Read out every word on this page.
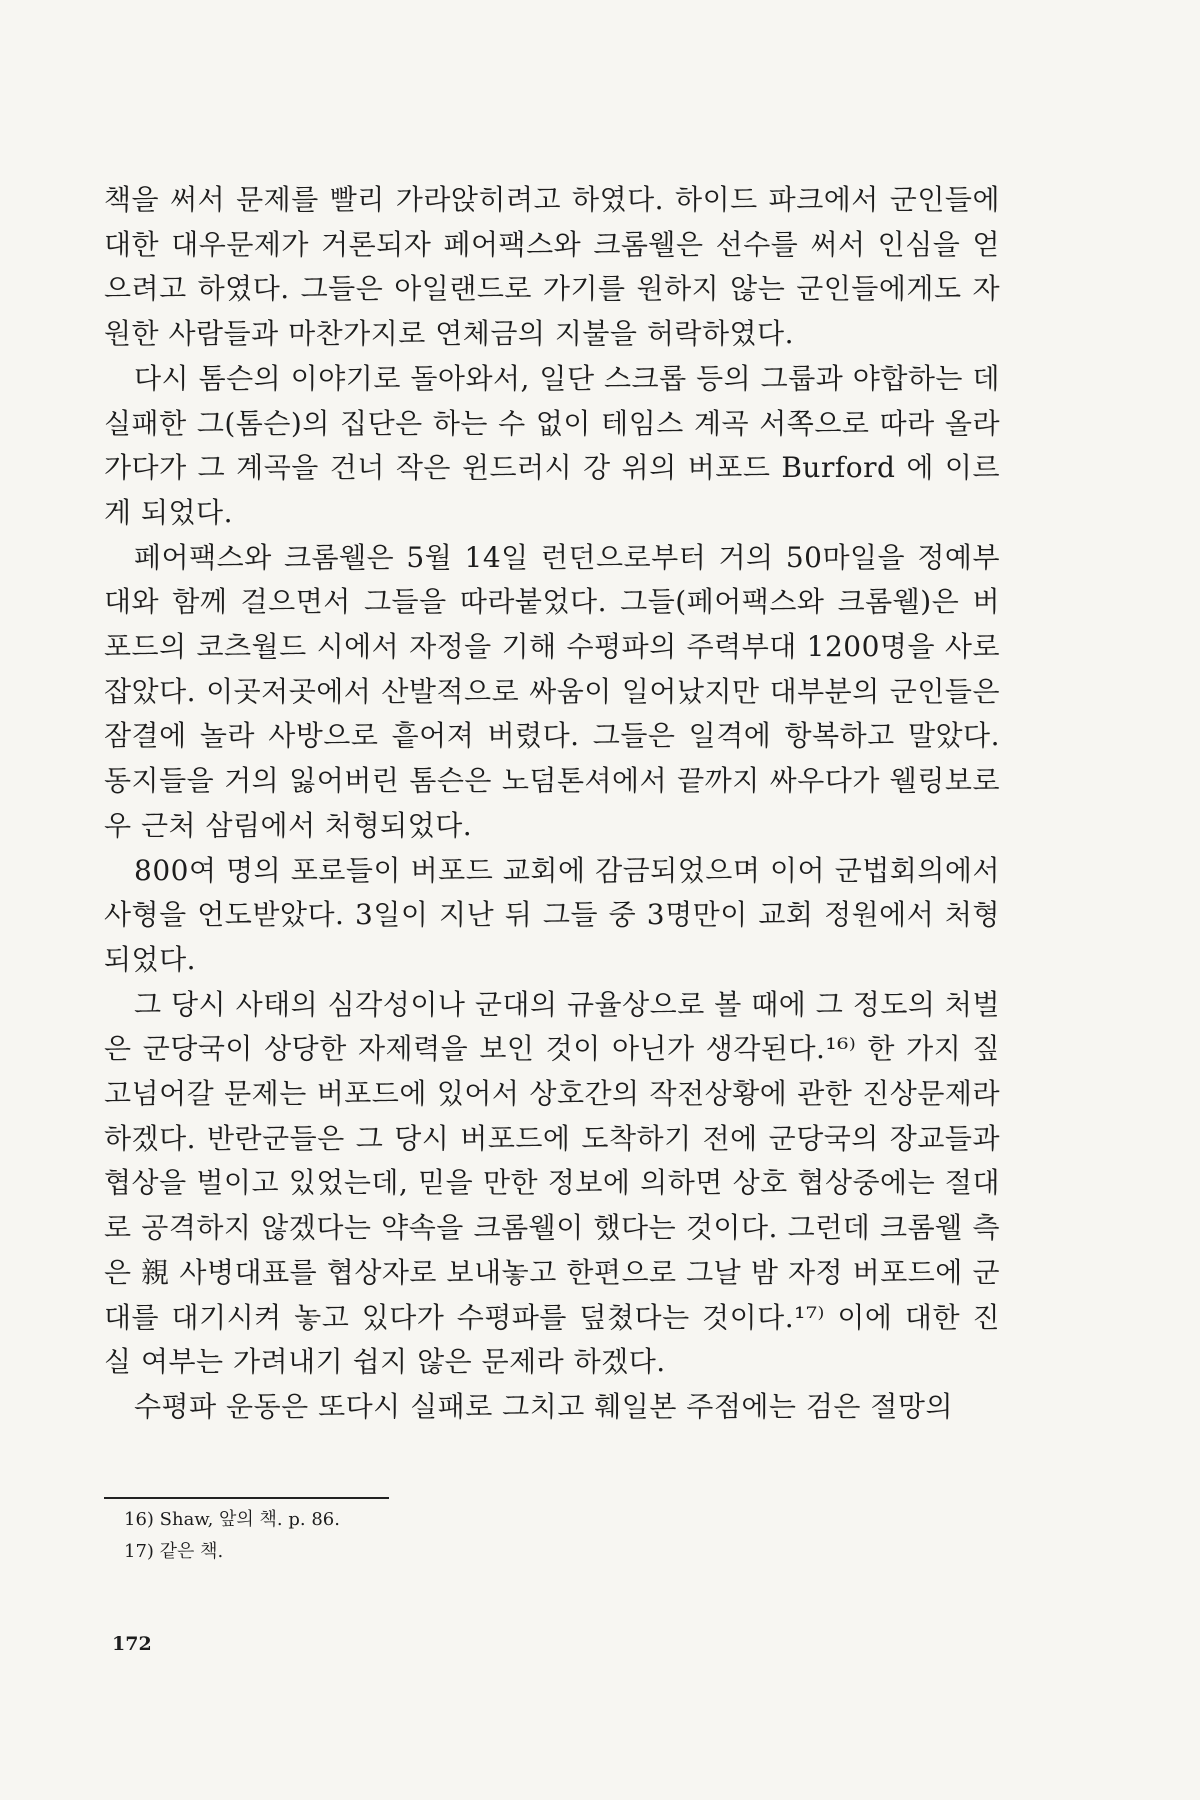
책을 써서 문제를 빨리 가라앉히려고 하였다. 하이드 파크에서 군인들에 대한 대우문제가 거론되자 페어팩스와 크롬웰은 선수를 써서 인심을 얻으려고 하였다. 그들은 아일랜드로 가기를 원하지 않는 군인들에게도 자원한 사람들과 마찬가지로 연체금의 지불을 허락하였다.

다시 톰슨의 이야기로 돌아와서, 일단 스크롭 등의 그룹과 야합하는 데 실패한 그(톰슨)의 집단은 하는 수 없이 테임스 계곡 서쪽으로 따라 올라가다가 그 계곡을 건너 작은 윈드러시 강 위의 버포드 Burford 에 이르게 되었다.

페어팩스와 크롬웰은 5월 14일 런던으로부터 거의 50마일을 정예부대와 함께 걸으면서 그들을 따라붙었다. 그들(페어팩스와 크롬웰)은 버포드의 코츠월드 시에서 자정을 기해 수평파의 주력부대 1200명을 사로잡았다. 이곳저곳에서 산발적으로 싸움이 일어났지만 대부분의 군인들은 잠결에 놀라 사방으로 흩어져 버렸다. 그들은 일격에 항복하고 말았다. 동지들을 거의 잃어버린 톰슨은 노덤톤셔에서 끝까지 싸우다가 웰링보로우 근처 삼림에서 처형되었다.

800여 명의 포로들이 버포드 교회에 감금되었으며 이어 군법회의에서 사형을 언도받았다. 3일이 지난 뒤 그들 중 3명만이 교회 정원에서 처형되었다.

그 당시 사태의 심각성이나 군대의 규율상으로 볼 때에 그 정도의 처벌은 군당국이 상당한 자제력을 보인 것이 아닌가 생각된다.¹⁶⁾ 한 가지 짚고넘어갈 문제는 버포드에 있어서 상호간의 작전상황에 관한 진상문제라 하겠다. 반란군들은 그 당시 버포드에 도착하기 전에 군당국의 장교들과 협상을 벌이고 있었는데, 믿을 만한 정보에 의하면 상호 협상중에는 절대로 공격하지 않겠다는 약속을 크롬웰이 했다는 것이다. 그런데 크롬웰 측은 親 사병대표를 협상자로 보내놓고 한편으로 그날 밤 자정 버포드에 군대를 대기시켜 놓고 있다가 수평파를 덮쳤다는 것이다.¹⁷⁾ 이에 대한 진실 여부는 가려내기 쉽지 않은 문제라 하겠다.

수평파 운동은 또다시 실패로 그치고 훼일본 주점에는 검은 절망의

16) Shaw, 앞의 책. p. 86.

17) 같은 책.

172
